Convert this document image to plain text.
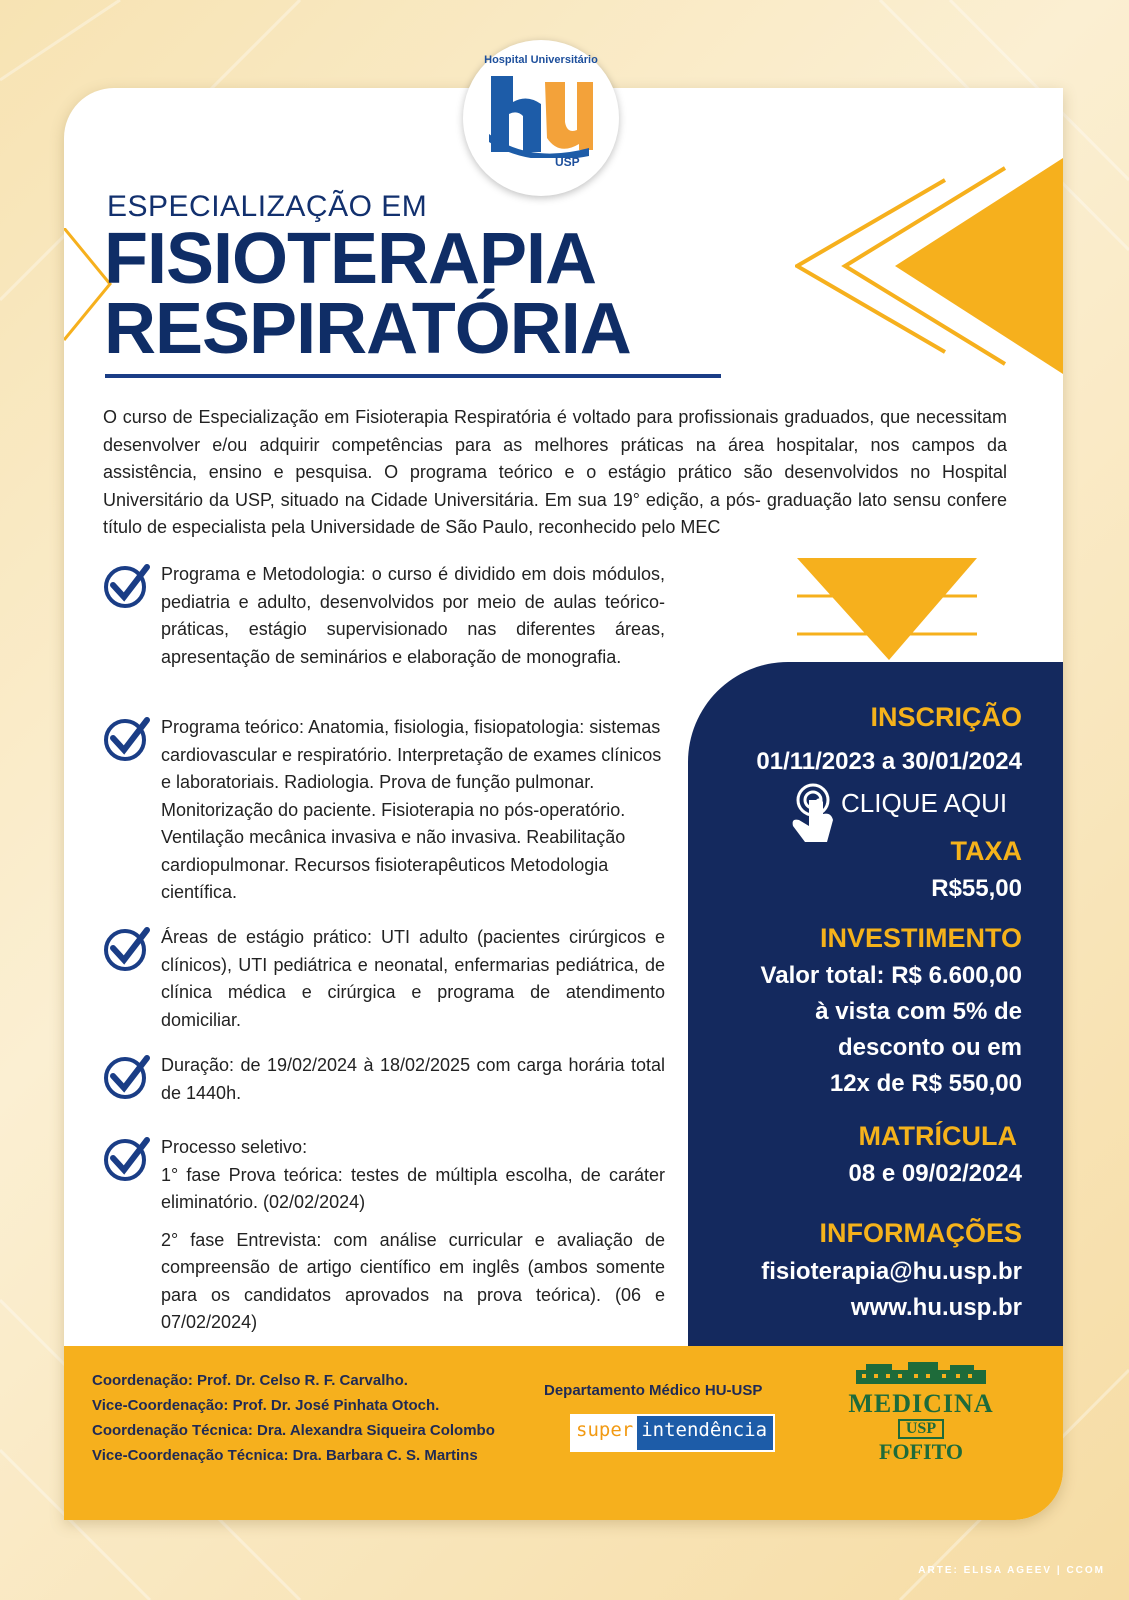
Hospital Universitário
USP
ESPECIALIZAÇÃO EM
FISIOTERAPIA
RESPIRATÓRIA
O curso de Especialização em Fisioterapia Respiratória é voltado para profissionais graduados, que necessitam desenvolver e/ou adquirir competências para as melhores práticas na área hospitalar, nos campos da assistência, ensino e pesquisa. O programa teórico e o estágio prático são desenvolvidos no Hospital Universitário da USP, situado na Cidade Universitária. Em sua 19° edição, a pós- graduação lato sensu confere título de especialista pela Universidade de São Paulo, reconhecido pelo MEC

Programa e Metodologia: o curso é dividido em dois módulos, pediatria e adulto, desenvolvidos por meio de aulas teórico-práticas, estágio supervisionado nas diferentes áreas, apresentação de seminários e elaboração de monografia.

Programa teórico: Anatomia, fisiologia, fisiopatologia: sistemas cardiovascular e respiratório. Interpretação de exames clínicos e laboratoriais. Radiologia. Prova de função pulmonar. Monitorização do paciente. Fisioterapia no pós-operatório. Ventilação mecânica invasiva e não invasiva. Reabilitação cardiopulmonar. Recursos fisioterapêuticos Metodologia científica.

Áreas de estágio prático: UTI adulto (pacientes cirúrgicos e clínicos), UTI pediátrica e neonatal, enfermarias pediátrica, de clínica médica e cirúrgica e programa de atendimento domiciliar.

Duração: de 19/02/2024 à 18/02/2025 com carga horária total de 1440h.

Processo seletivo:

1° fase Prova teórica: testes de múltipla escolha, de caráter eliminatório. (02/02/2024)

2° fase Entrevista: com análise curricular e avaliação de compreensão de artigo científico em inglês (ambos somente para os candidatos aprovados na prova teórica). (06 e 07/02/2024)

INSCRIÇÃO
01/11/2023 a 30/01/2024
CLIQUE AQUI
TAXA
R$55,00
INVESTIMENTO
Valor total: R$ 6.600,00
à vista com 5% de
desconto ou em
12x de R$ 550,00
MATRÍCULA
08 e 09/02/2024
INFORMAÇÕES
fisioterapia@hu.usp.br
www.hu.usp.br
Coordenação: Prof. Dr. Celso R. F. Carvalho.
Vice-Coordenação: Prof. Dr. José Pinhata Otoch.
Coordenação Técnica: Dra. Alexandra Siqueira Colombo
Vice-Coordenação Técnica: Dra. Barbara C. S. Martins
Departamento Médico HU-USP
super intendência
MEDICINA
USP
FOFITO
ARTE: ELISA AGEEV | CCOM
